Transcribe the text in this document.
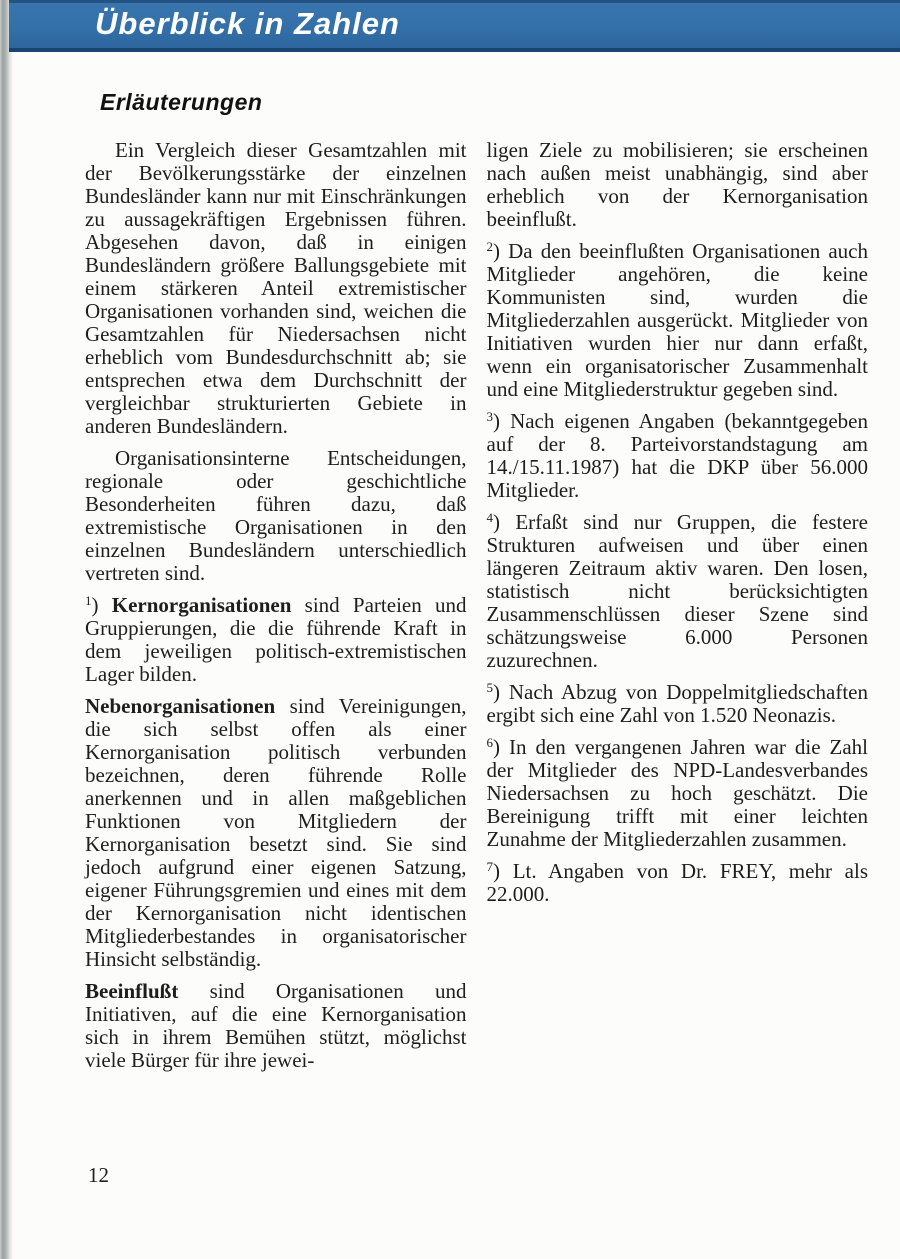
Überblick in Zahlen
Erläuterungen

Ein Vergleich dieser Gesamtzahlen mit der Bevölkerungsstärke der einzelnen Bundesländer kann nur mit Einschränkungen zu aussagekräftigen Ergebnissen führen. Abgesehen davon, daß in einigen Bundesländern größere Ballungsgebiete mit einem stärkeren Anteil extremistischer Organisationen vorhanden sind, weichen die Gesamtzahlen für Niedersachsen nicht erheblich vom Bundesdurchschnitt ab; sie entsprechen etwa dem Durchschnitt der vergleichbar strukturierten Gebiete in anderen Bundesländern.

Organisationsinterne Entscheidungen, regionale oder geschichtliche Besonderheiten führen dazu, daß extremistische Organisationen in den einzelnen Bundesländern unterschiedlich vertreten sind.

$^1$) Kernorganisationen sind Parteien und Gruppierungen, die die führende Kraft in dem jeweiligen politisch-extremistischen Lager bilden.

Nebenorganisationen sind Vereinigungen, die sich selbst offen als einer Kernorganisation politisch verbunden bezeichnen, deren führende Rolle anerkennen und in allen maßgeblichen Funktionen von Mitgliedern der Kernorganisation besetzt sind. Sie sind jedoch aufgrund einer eigenen Satzung, eigener Führungsgremien und eines mit dem der Kernorganisation nicht identischen Mitgliederbestandes in organisatorischer Hinsicht selbständig.

Beeinflußt sind Organisationen und Initiativen, auf die eine Kernorganisation sich in ihrem Bemühen stützt, möglichst viele Bürger für ihre jewei-

ligen Ziele zu mobilisieren; sie erscheinen nach außen meist unabhängig, sind aber erheblich von der Kernorganisation beeinflußt.

$^2$) Da den beeinflußten Organisationen auch Mitglieder angehören, die keine Kommunisten sind, wurden die Mitgliederzahlen ausgerückt. Mitglieder von Initiativen wurden hier nur dann erfaßt, wenn ein organisatorischer Zusammenhalt und eine Mitgliederstruktur gegeben sind.

$^3$) Nach eigenen Angaben (bekanntgegeben auf der 8. Parteivorstandstagung am 14./15.11.1987) hat die DKP über 56.000 Mitglieder.

$^4$) Erfaßt sind nur Gruppen, die festere Strukturen aufweisen und über einen längeren Zeitraum aktiv waren. Den losen, statistisch nicht berücksichtigten Zusammenschlüssen dieser Szene sind schätzungsweise 6.000 Personen zuzurechnen.

$^5$) Nach Abzug von Doppelmitgliedschaften ergibt sich eine Zahl von 1.520 Neonazis.

$^6$) In den vergangenen Jahren war die Zahl der Mitglieder des NPD-Landesverbandes Niedersachsen zu hoch geschätzt. Die Bereinigung trifft mit einer leichten Zunahme der Mitgliederzahlen zusammen.

$^7$) Lt. Angaben von Dr. FREY, mehr als 22.000.

12
